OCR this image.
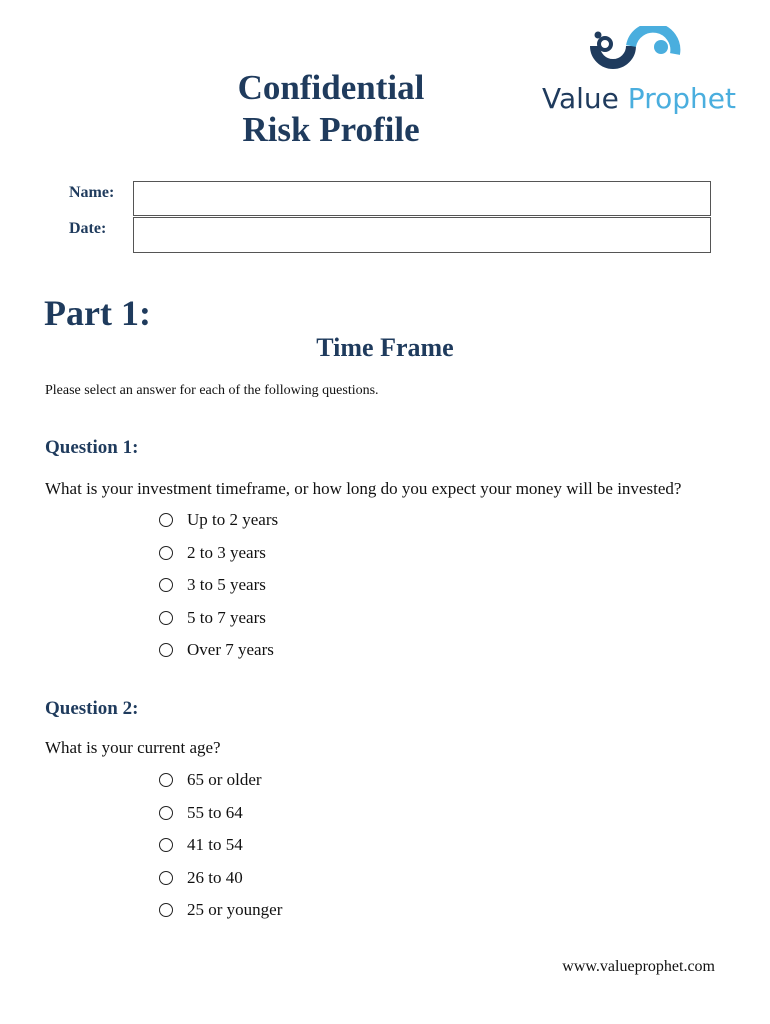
Confidential
Risk Profile
Value Prophet
Name:
Date:
Part 1:
Time Frame
Please select an answer for each of the following questions.
Question 1:
What is your investment timeframe, or how long do you expect your money will be invested?
Up to 2 years
2 to 3 years
3 to 5 years
5 to 7 years
Over 7 years
Question 2:
What is your current age?
65 or older
55 to 64
41 to 54
26 to 40
25 or younger
www.valueprophet.com
